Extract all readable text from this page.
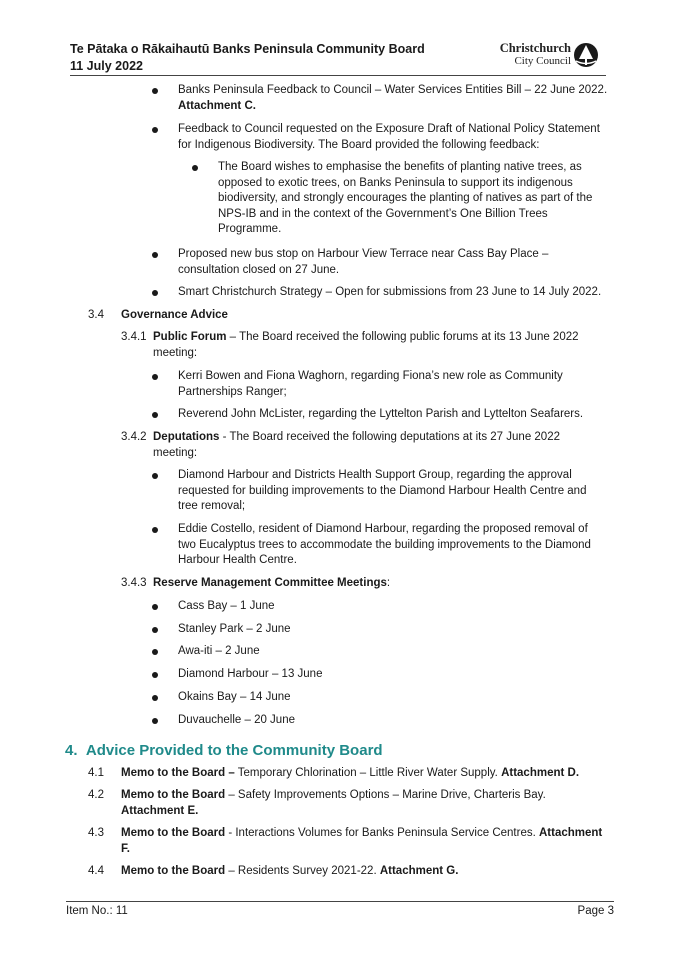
Te Pātaka o Rākaihautū Banks Peninsula Community Board
11 July 2022
Christchurch
City Council
Banks Peninsula Feedback to Council – Water Services Entities Bill – 22 June 2022.
Attachment C.
Feedback to Council requested on the Exposure Draft of National Policy Statement
for Indigenous Biodiversity. The Board provided the following feedback:
The Board wishes to emphasise the benefits of planting native trees, as
opposed to exotic trees, on Banks Peninsula to support its indigenous
biodiversity, and strongly encourages the planting of natives as part of the
NPS-IB and in the context of the Government’s One Billion Trees
Programme.
Proposed new bus stop on Harbour View Terrace near Cass Bay Place –
consultation closed on 27 June.
Smart Christchurch Strategy – Open for submissions from 23 June to 14 July 2022.
3.4 Governance Advice
3.4.1 Public Forum – The Board received the following public forums at its 13 June 2022
meeting:
Kerri Bowen and Fiona Waghorn, regarding Fiona’s new role as Community
Partnerships Ranger;
Reverend John McLister, regarding the Lyttelton Parish and Lyttelton Seafarers.
3.4.2 Deputations - The Board received the following deputations at its 27 June 2022
meeting:
Diamond Harbour and Districts Health Support Group, regarding the approval
requested for building improvements to the Diamond Harbour Health Centre and
tree removal;
Eddie Costello, resident of Diamond Harbour, regarding the proposed removal of
two Eucalyptus trees to accommodate the building improvements to the Diamond
Harbour Health Centre.
3.4.3 Reserve Management Committee Meetings:
Cass Bay – 1 June
Stanley Park – 2 June
Awa-iti – 2 June
Diamond Harbour – 13 June
Okains Bay – 14 June
Duvauchelle – 20 June
4. Advice Provided to the Community Board
4.1 Memo to the Board – Temporary Chlorination – Little River Water Supply. Attachment D.
4.2 Memo to the Board – Safety Improvements Options – Marine Drive, Charteris Bay.
Attachment E.
4.3 Memo to the Board - Interactions Volumes for Banks Peninsula Service Centres. Attachment
F.
4.4 Memo to the Board – Residents Survey 2021-22. Attachment G.
Item No.: 11	Page 3
